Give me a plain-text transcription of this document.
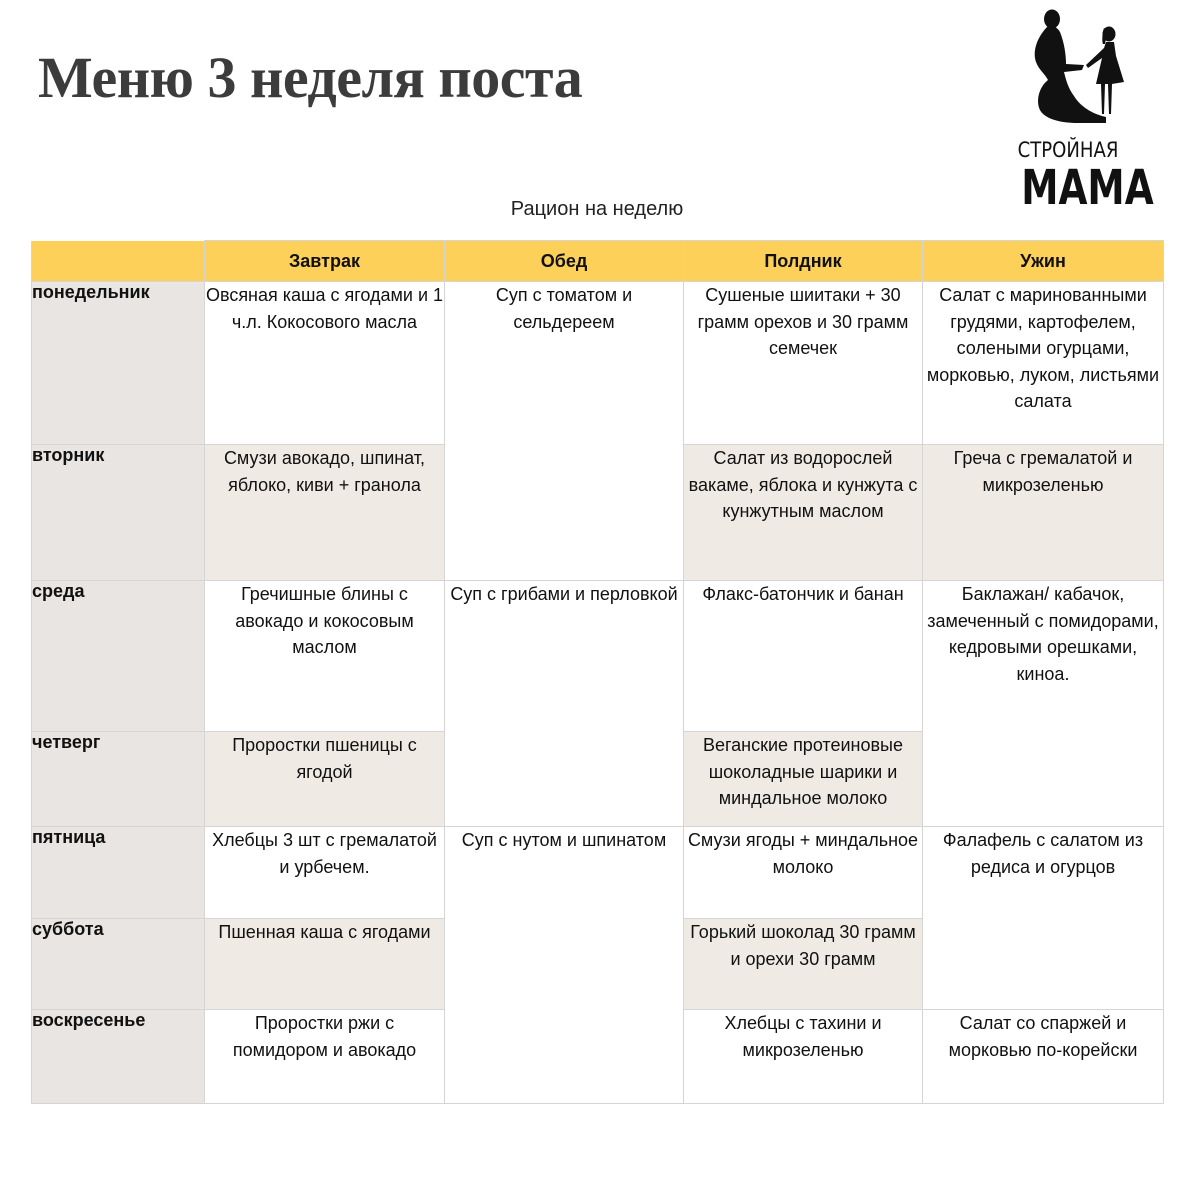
Меню 3 неделя поста
СТРОЙНАЯ
МАМА
Рацион на неделю
	Завтрак	Обед	Полдник	Ужин
понедельник	Овсяная каша с ягодами и 1 ч.л. Кокосового масла	Суп с томатом и сельдереем	Сушеные шиитаки + 30 грамм орехов и 30 грамм семечек	Салат с маринованными грудями, картофелем, солеными огурцами, морковью, луком, листьями салата
вторник	Смузи авокадо, шпинат, яблоко, киви + гранола		Салат из водорослей вакаме, яблока и кунжута с кунжутным маслом	Греча с гремалатой и микрозеленью
среда	Гречишные блины с авокадо и кокосовым маслом	Суп с грибами и перловкой	Флакс-батончик и банан	Баклажан/ кабачок, замеченный с помидорами, кедровыми орешками, киноа.
четверг	Проростки пшеницы с ягодой		Веганские протеиновые шоколадные шарики и миндальное молоко	
пятница	Хлебцы 3 шт с гремалатой и урбечем.	Суп с нутом и шпинатом	Смузи ягоды + миндальное молоко	Фалафель с салатом из редиса и огурцов
суббота	Пшенная каша с ягодами		Горький шоколад 30 грамм и орехи 30 грамм	
воскресенье	Проростки ржи с помидором и авокадо		Хлебцы с тахини и микрозеленью	Салат со спаржей и морковью по-корейски
